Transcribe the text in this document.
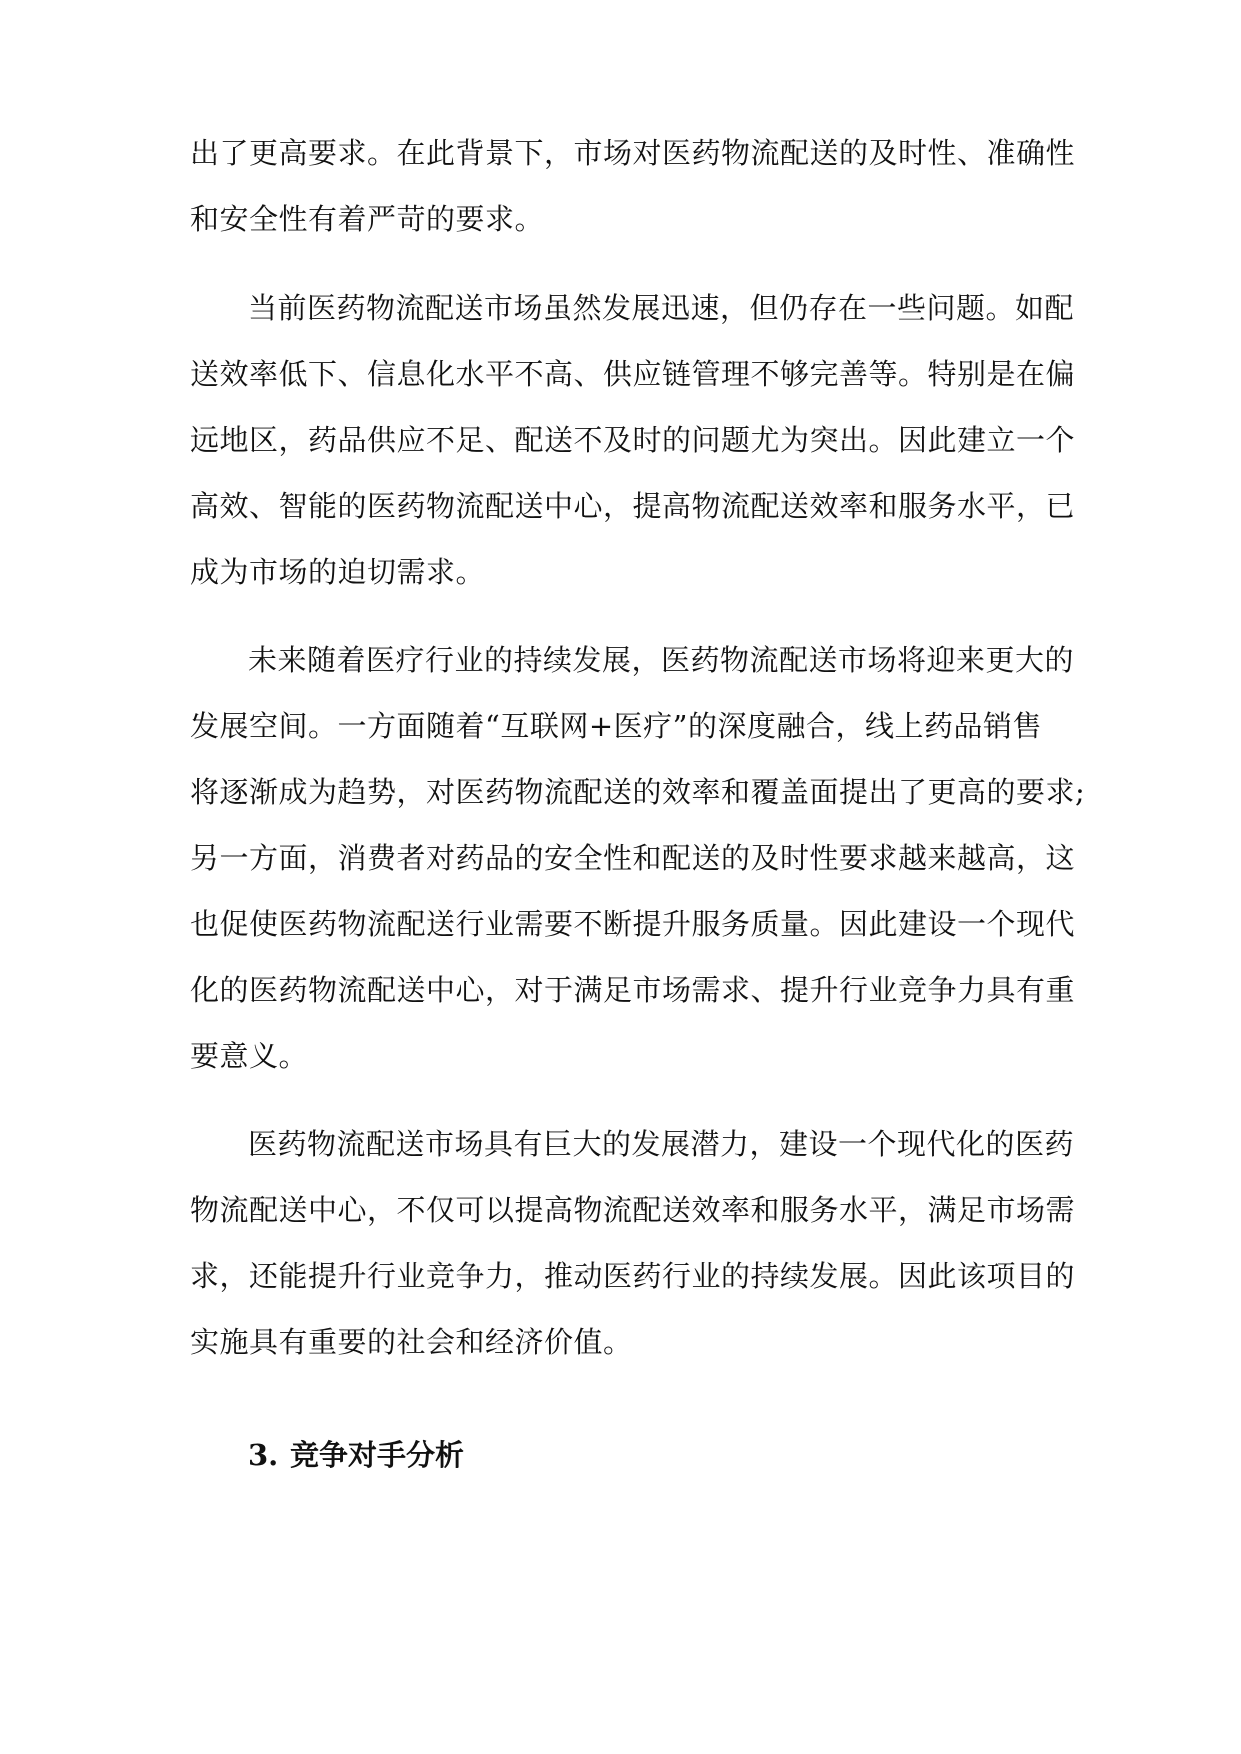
出了更高要求。在此背景下，市场对医药物流配送的及时性、准确性
和安全性有着严苛的要求。
当前医药物流配送市场虽然发展迅速，但仍存在一些问题。如配
送效率低下、信息化水平不高、供应链管理不够完善等。特别是在偏
远地区，药品供应不足、配送不及时的问题尤为突出。因此建立一个
高效、智能的医药物流配送中心，提高物流配送效率和服务水平，已
成为市场的迫切需求。
未来随着医疗行业的持续发展，医药物流配送市场将迎来更大的
发展空间。一方面随着“互联网+医疗”的深度融合，线上药品销售
将逐渐成为趋势，对医药物流配送的效率和覆盖面提出了更高的要求;
另一方面，消费者对药品的安全性和配送的及时性要求越来越高，这
也促使医药物流配送行业需要不断提升服务质量。因此建设一个现代
化的医药物流配送中心，对于满足市场需求、提升行业竞争力具有重
要意义。
医药物流配送市场具有巨大的发展潜力，建设一个现代化的医药
物流配送中心，不仅可以提高物流配送效率和服务水平，满足市场需
求，还能提升行业竞争力，推动医药行业的持续发展。因此该项目的
实施具有重要的社会和经济价值。
3. 竞争对手分析
